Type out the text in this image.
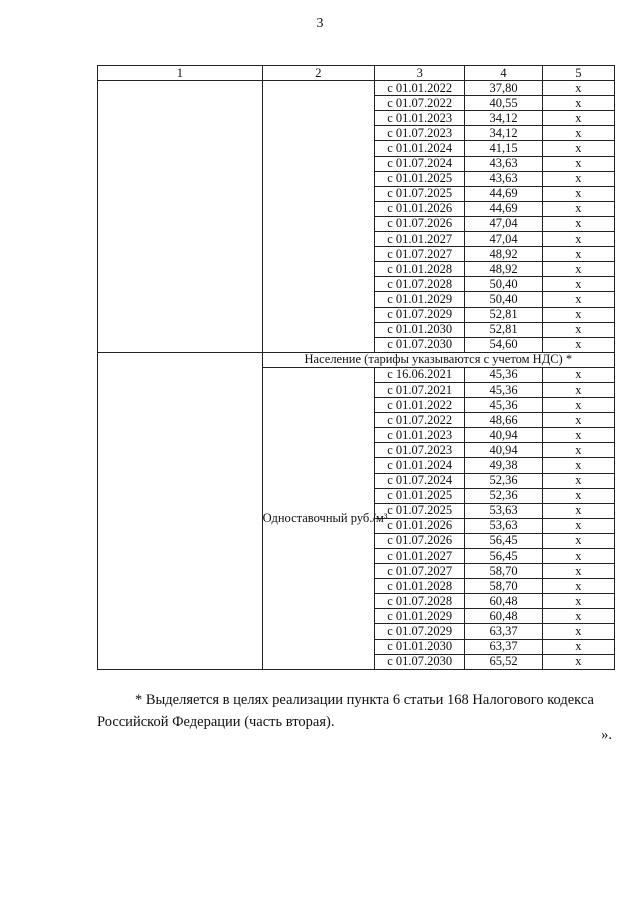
3
1	2	3	4	5
		с 01.01.2022	37,80	х
		с 01.07.2022	40,55	х
		с 01.01.2023	34,12	х
		с 01.07.2023	34,12	х
		с 01.01.2024	41,15	х
		с 01.07.2024	43,63	х
		с 01.01.2025	43,63	х
		с 01.07.2025	44,69	х
		с 01.01.2026	44,69	х
		с 01.07.2026	47,04	х
		с 01.01.2027	47,04	х
		с 01.07.2027	48,92	х
		с 01.01.2028	48,92	х
		с 01.07.2028	50,40	х
		с 01.01.2029	50,40	х
		с 01.07.2029	52,81	х
		с 01.01.2030	52,81	х
		с 01.07.2030	54,60	х
	Население (тарифы указываются с учетом НДС) *			
	Одноставочный руб./м³	с 16.06.2021	45,36	х
		с 01.07.2021	45,36	х
		с 01.01.2022	45,36	х
		с 01.07.2022	48,66	х
		с 01.01.2023	40,94	х
		с 01.07.2023	40,94	х
		с 01.01.2024	49,38	х
		с 01.07.2024	52,36	х
		с 01.01.2025	52,36	х
		с 01.07.2025	53,63	х
		с 01.01.2026	53,63	х
		с 01.07.2026	56,45	х
		с 01.01.2027	56,45	х
		с 01.07.2027	58,70	х
		с 01.01.2028	58,70	х
		с 01.07.2028	60,48	х
		с 01.01.2029	60,48	х
		с 01.07.2029	63,37	х
		с 01.01.2030	63,37	х
		с 01.07.2030	65,52	х
* Выделяется в целях реализации пункта 6 статьи 168 Налогового кодекса
Российской Федерации (часть вторая).
».
